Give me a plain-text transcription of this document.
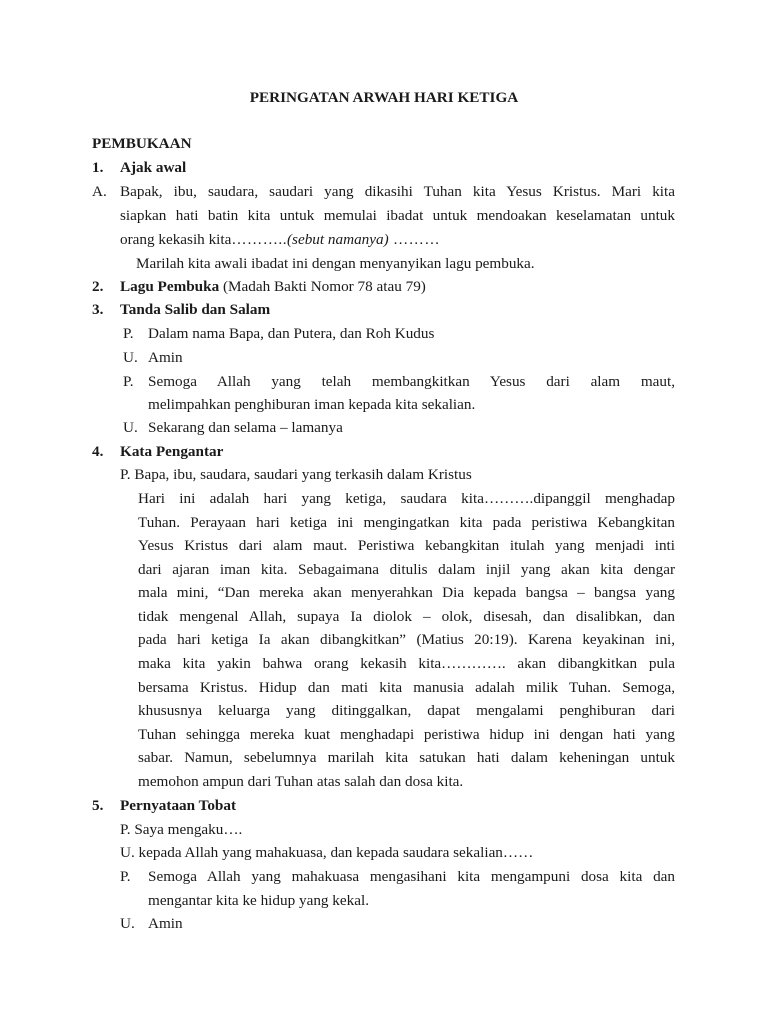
PERINGATAN ARWAH HARI KETIGA
PEMBUKAAN
1. Ajak awal
A. Bapak, ibu, saudara, saudari yang dikasihi Tuhan kita Yesus Kristus. Mari kita
siapkan hati batin kita untuk memulai ibadat untuk mendoakan keselamatan untuk
orang kekasih kita………..(sebut namanya) ………
Marilah kita awali ibadat ini dengan menyanyikan lagu pembuka.
2. Lagu Pembuka (Madah Bakti Nomor 78 atau 79)
3. Tanda Salib dan Salam
P. Dalam nama Bapa, dan Putera, dan Roh Kudus
U. Amin
P. Semoga Allah yang telah membangkitkan Yesus dari alam maut,
melimpahkan penghiburan iman kepada kita sekalian.
U. Sekarang dan selama – lamanya
4. Kata Pengantar
P. Bapa, ibu, saudara, saudari yang terkasih dalam Kristus
Hari ini adalah hari yang ketiga, saudara kita……….dipanggil menghadap
Tuhan. Perayaan hari ketiga ini mengingatkan kita pada peristiwa Kebangkitan
Yesus Kristus dari alam maut. Peristiwa kebangkitan itulah yang menjadi inti
dari ajaran iman kita. Sebagaimana ditulis dalam injil yang akan kita dengar
mala mini, “Dan mereka akan menyerahkan Dia kepada bangsa – bangsa yang
tidak mengenal Allah, supaya Ia diolok – olok, disesah, dan disalibkan, dan
pada hari ketiga Ia akan dibangkitkan” (Matius 20:19). Karena keyakinan ini,
maka kita yakin bahwa orang kekasih kita…………. akan dibangkitkan pula
bersama Kristus. Hidup dan mati kita manusia adalah milik Tuhan. Semoga,
khususnya keluarga yang ditinggalkan, dapat mengalami penghiburan dari
Tuhan sehingga mereka kuat menghadapi peristiwa hidup ini dengan hati yang
sabar. Namun, sebelumnya marilah kita satukan hati dalam keheningan untuk
memohon ampun dari Tuhan atas salah dan dosa kita.
5. Pernyataan Tobat
P. Saya mengaku….
U. kepada Allah yang mahakuasa, dan kepada saudara sekalian……
P. Semoga Allah yang mahakuasa mengasihani kita mengampuni dosa kita dan
mengantar kita ke hidup yang kekal.
U. Amin
